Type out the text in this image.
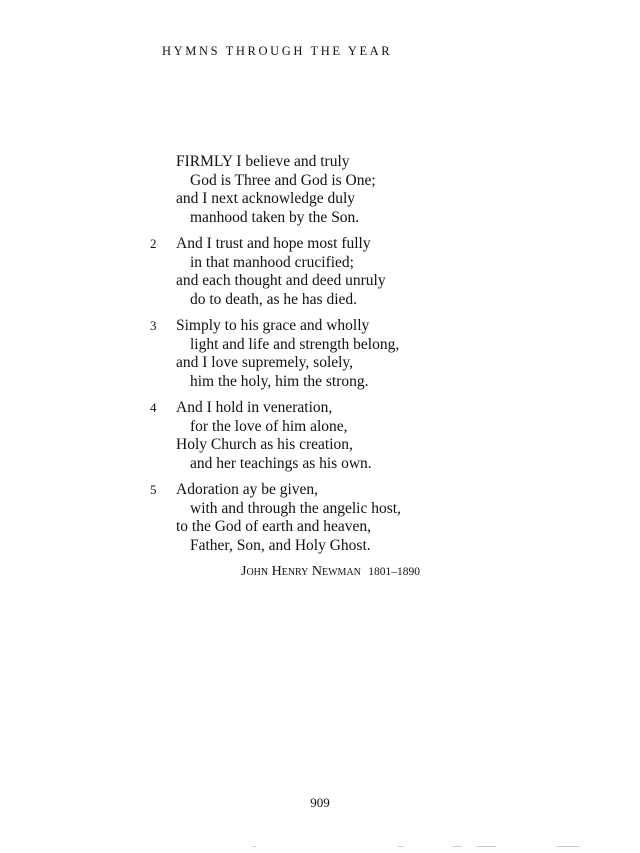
HYMNS THROUGH THE YEAR
FIRMLY I believe and truly
God is Three and God is One;
and I next acknowledge duly
manhood taken by the Son.
2	And I trust and hope most fully
in that manhood crucified;
and each thought and deed unruly
do to death, as he has died.
3	Simply to his grace and wholly
light and life and strength belong,
and I love supremely, solely,
him the holy, him the strong.
4	And I hold in veneration,
for the love of him alone,
Holy Church as his creation,
and her teachings as his own.
5	Adoration ay be given,
with and through the angelic host,
to the God of earth and heaven,
Father, Son, and Holy Ghost.
John Henry Newman 1801–1890
909
